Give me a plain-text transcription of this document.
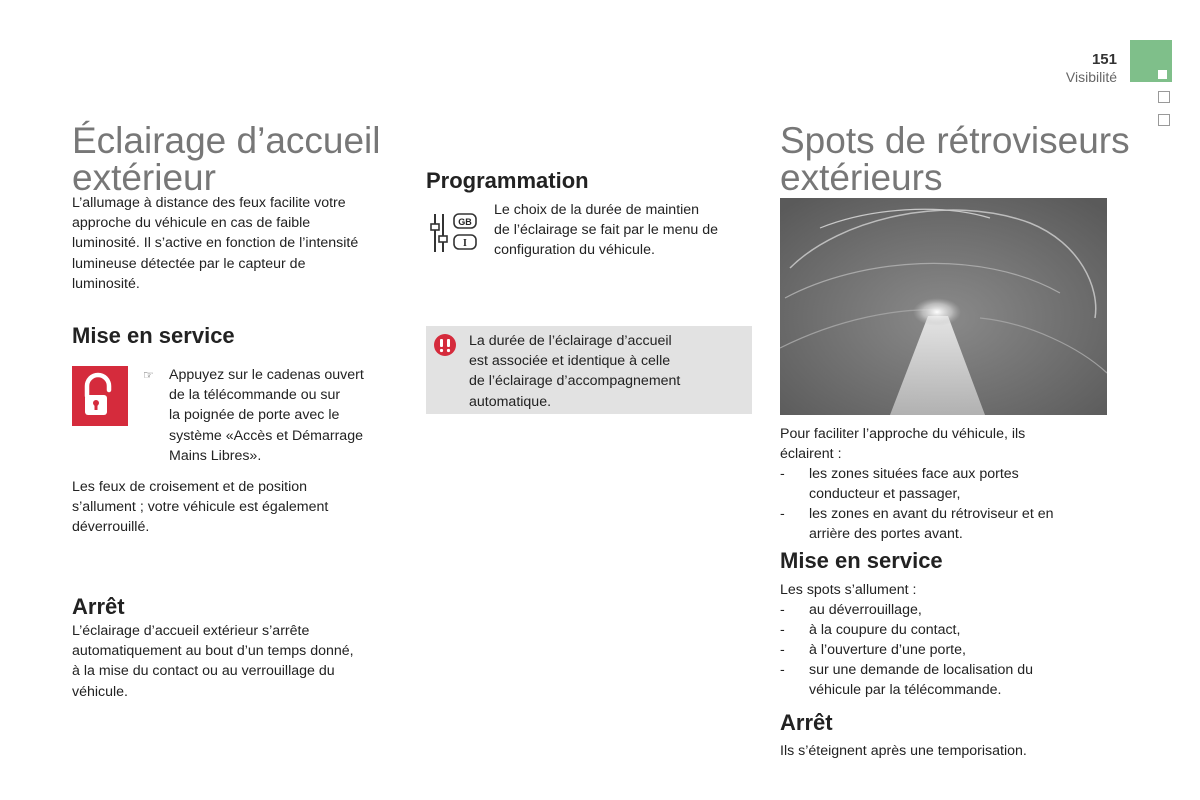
151
Visibilité
Éclairage d’accueil
extérieur
L’allumage à distance des feux facilite votre
approche du véhicule en cas de faible
luminosité. Il s’active en fonction de l’intensité
lumineuse détectée par le capteur de
luminosité.
Mise en service
☞ Appuyez sur le cadenas ouvert
de la télécommande ou sur
la poignée de porte avec le
système «Accès et Démarrage
Mains Libres».
Les feux de croisement et de position
s’allument ; votre véhicule est également
déverrouillé.
Arrêt
L’éclairage d’accueil extérieur s’arrête
automatiquement au bout d’un temps donné,
à la mise du contact ou au verrouillage du
véhicule.
Programmation
GB
I
Le choix de la durée de maintien
de l’éclairage se fait par le menu de
configuration du véhicule.
La durée de l’éclairage d’accueil
est associée et identique à celle
de l’éclairage d’accompagnement
automatique.
Spots de rétroviseurs
extérieurs
Pour faciliter l’approche du véhicule, ils
éclairent :
- les zones situées face aux portes
conducteur et passager,
- les zones en avant du rétroviseur et en
arrière des portes avant.
Mise en service
Les spots s’allument :
- au déverrouillage,
- à la coupure du contact,
- à l’ouverture d’une porte,
- sur une demande de localisation du
véhicule par la télécommande.
Arrêt
Ils s’éteignent après une temporisation.
